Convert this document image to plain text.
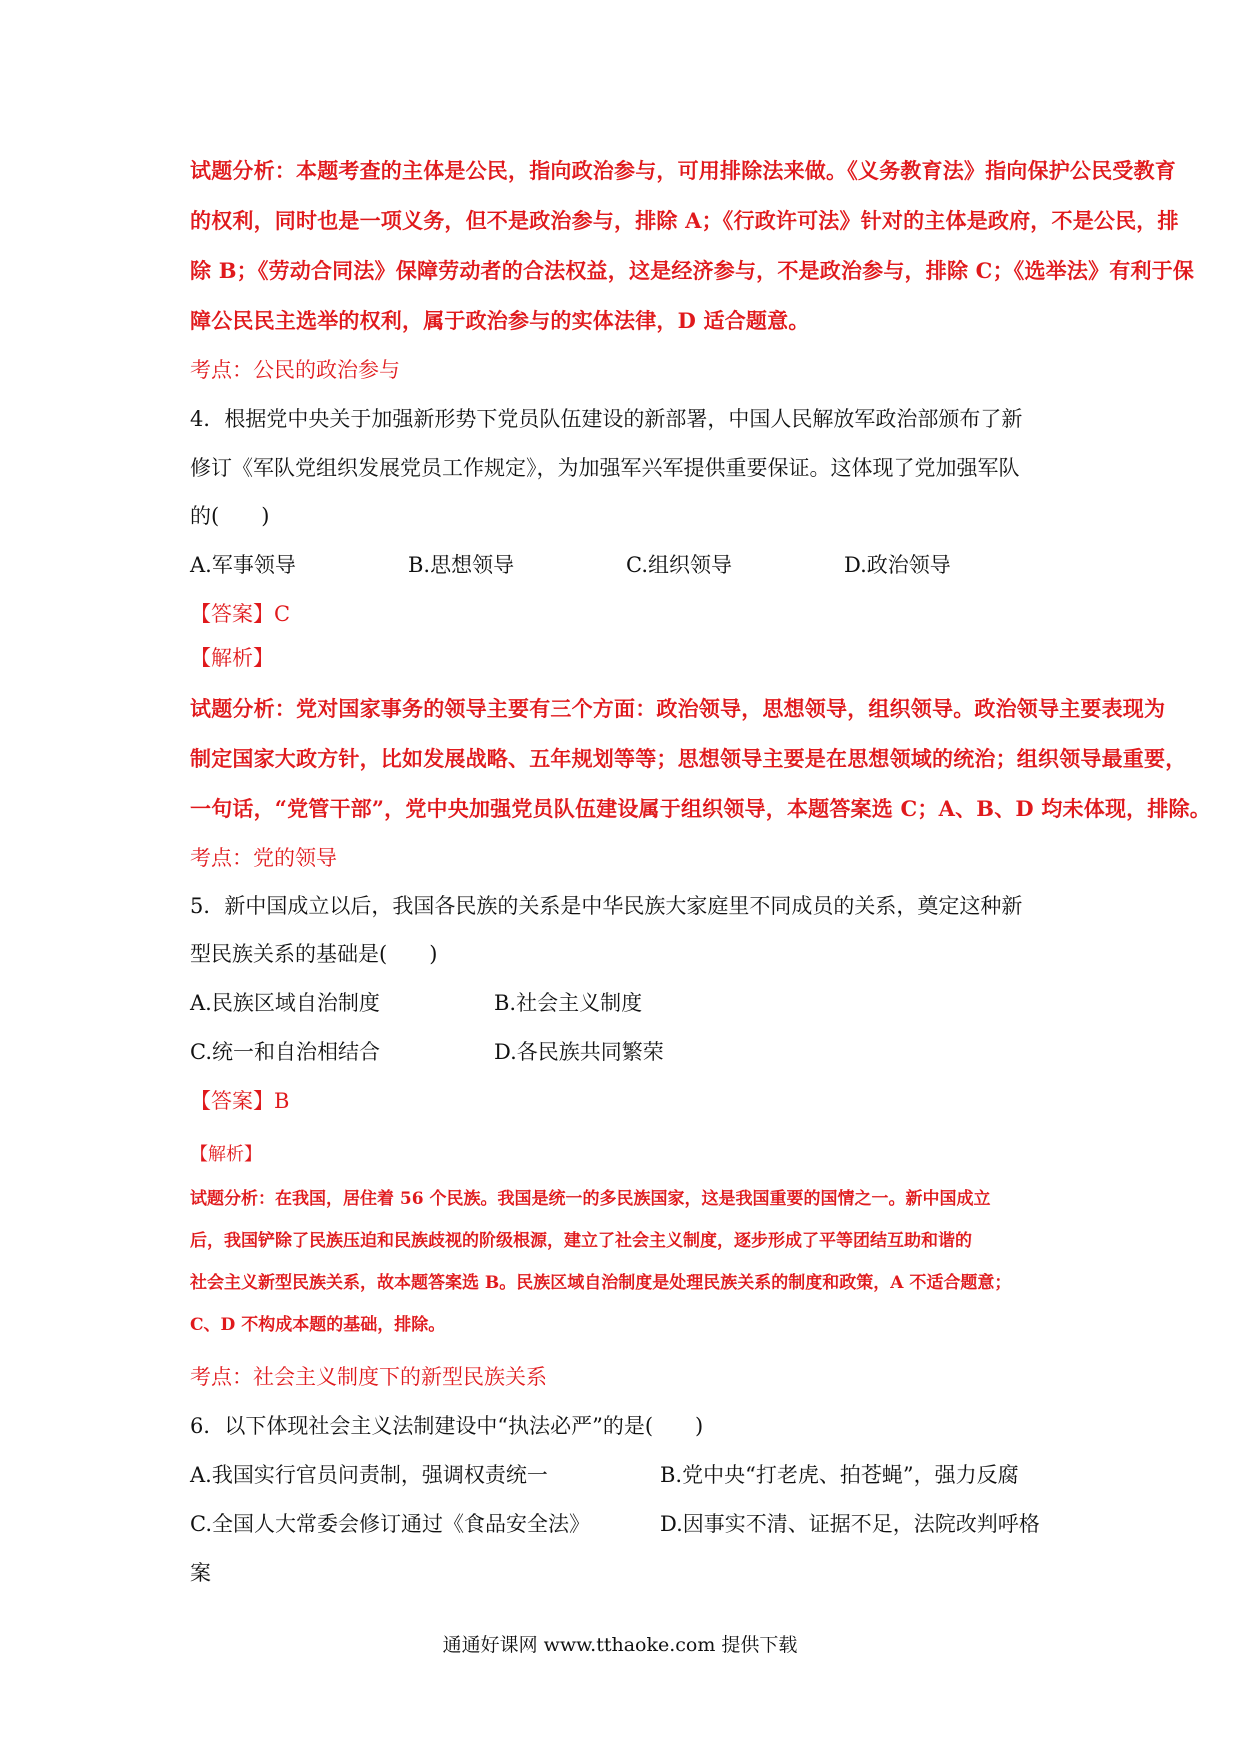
试题分析：本题考查的主体是公民，指向政治参与，可用排除法来做。《义务教育法》指向保护公民受教育
的权利，同时也是一项义务，但不是政治参与，排除 A；《行政许可法》针对的主体是政府，不是公民，排
除 B；《劳动合同法》保障劳动者的合法权益，这是经济参与，不是政治参与，排除 C；《选举法》有利于保
障公民民主选举的权利，属于政治参与的实体法律，D 适合题意。
考点：公民的政治参与
4．根据党中央关于加强新形势下党员队伍建设的新部署，中国人民解放军政治部颁布了新
修订《军队党组织发展党员工作规定》，为加强军兴军提供重要保证。这体现了党加强军队
的(　　)
A.军事领导	B.思想领导	C.组织领导	D.政治领导
【答案】C
【解析】
试题分析：党对国家事务的领导主要有三个方面：政治领导，思想领导，组织领导。政治领导主要表现为
制定国家大政方针，比如发展战略、五年规划等等；思想领导主要是在思想领域的统治；组织领导最重要，
一句话，“党管干部”，党中央加强党员队伍建设属于组织领导，本题答案选 C；A、B、D 均未体现，排除。
考点：党的领导
5．新中国成立以后，我国各民族的关系是中华民族大家庭里不同成员的关系，奠定这种新
型民族关系的基础是(　　)
A.民族区域自治制度	B.社会主义制度
C.统一和自治相结合	D.各民族共同繁荣
【答案】B
【解析】
试题分析：在我国，居住着 56 个民族。我国是统一的多民族国家，这是我国重要的国情之一。新中国成立
后，我国铲除了民族压迫和民族歧视的阶级根源，建立了社会主义制度，逐步形成了平等团结互助和谐的
社会主义新型民族关系，故本题答案选 B。民族区域自治制度是处理民族关系的制度和政策，A 不适合题意；
C、D 不构成本题的基础，排除。
考点：社会主义制度下的新型民族关系
6．以下体现社会主义法制建设中“执法必严”的是(　　)
A.我国实行官员问责制，强调权责统一	B.党中央“打老虎、拍苍蝇”，强力反腐
C.全国人大常委会修订通过《食品安全法》	D.因事实不清、证据不足，法院改判呼格
案
通通好课网 www.tthaoke.com 提供下载
